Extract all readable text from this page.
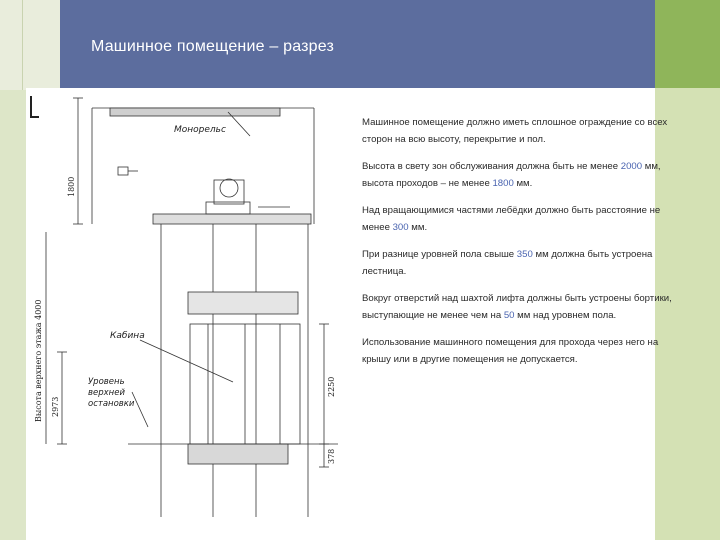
Машинное помещение – разрез
Монорельс
Кабина
Уровень
верхней
остановки
1800
2973
2250
378
Высота верхнего этажа 4000

Машинное помещение должно иметь сплошное ограждение со всех сторон на всю высоту, перекрытие и пол.

Высота в свету зон обслуживания должна быть не менее 2000 мм, высота проходов – не менее 1800 мм.

Над вращающимися частями лебёдки должно быть расстояние не менее 300 мм.

При разнице уровней пола свыше 350 мм должна быть устроена лестница.

Вокруг отверстий над шахтой лифта должны быть устроены бортики, выступающие не менее чем на 50 мм над уровнем пола.

Использование машинного помещения для прохода через него на крышу или в другие помещения не допускается.
